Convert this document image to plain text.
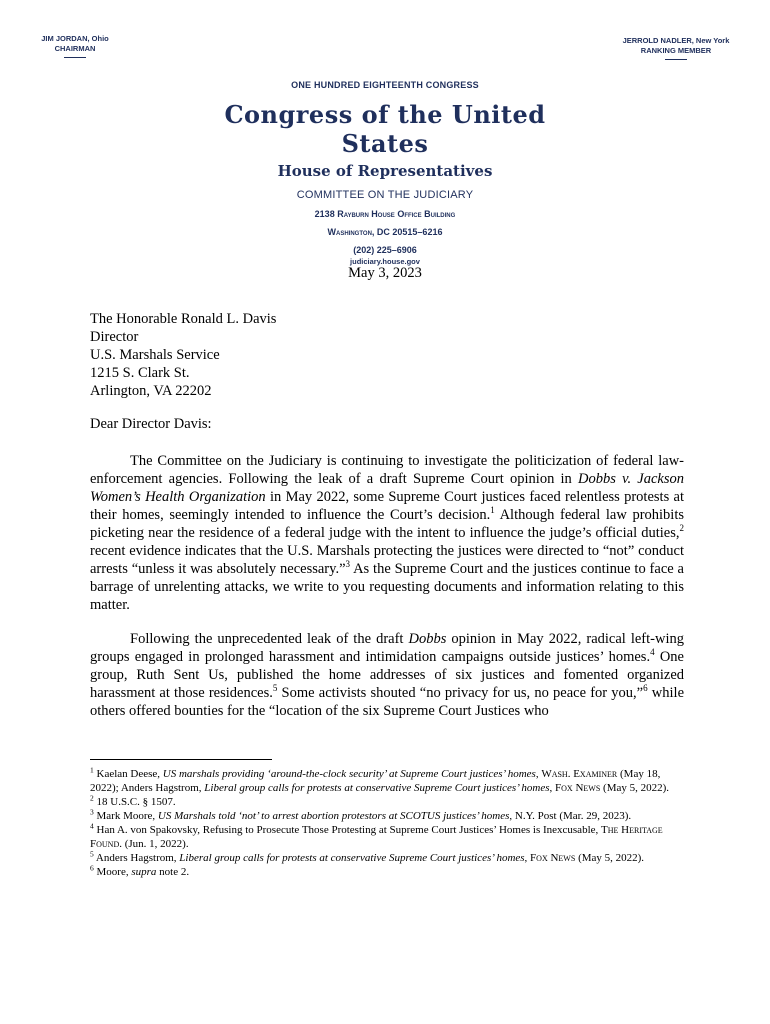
JIM JORDAN, Ohio
CHAIRMAN
JERROLD NADLER, New York
RANKING MEMBER
ONE HUNDRED EIGHTEENTH CONGRESS
Congress of the United States
House of Representatives
COMMITTEE ON THE JUDICIARY
2138 Rayburn House Office Building
Washington, DC 20515–6216
(202) 225–6906
judiciary.house.gov
May 3, 2023
The Honorable Ronald L. Davis
Director
U.S. Marshals Service
1215 S. Clark St.
Arlington, VA 22202
Dear Director Davis:
The Committee on the Judiciary is continuing to investigate the politicization of federal law-enforcement agencies. Following the leak of a draft Supreme Court opinion in Dobbs v. Jackson Women’s Health Organization in May 2022, some Supreme Court justices faced relentless protests at their homes, seemingly intended to influence the Court’s decision.$^1$ Although federal law prohibits picketing near the residence of a federal judge with the intent to influence the judge’s official duties,$^2$ recent evidence indicates that the U.S. Marshals protecting the justices were directed to “not” conduct arrests “unless it was absolutely necessary.”$^3$ As the Supreme Court and the justices continue to face a barrage of unrelenting attacks, we write to you requesting documents and information relating to this matter.
Following the unprecedented leak of the draft Dobbs opinion in May 2022, radical left-wing groups engaged in prolonged harassment and intimidation campaigns outside justices’ homes.$^4$ One group, Ruth Sent Us, published the home addresses of six justices and fomented organized harassment at those residences.$^5$ Some activists shouted “no privacy for us, no peace for you,”$^6$ while others offered bounties for the “location of the six Supreme Court Justices who
$^1$ Kaelan Deese, US marshals providing ‘around-the-clock security’ at Supreme Court justices’ homes, Wash. Examiner (May 18, 2022); Anders Hagstrom, Liberal group calls for protests at conservative Supreme Court justices’ homes, Fox News (May 5, 2022).
$^2$ 18 U.S.C. § 1507.
$^3$ Mark Moore, US Marshals told ‘not’ to arrest abortion protestors at SCOTUS justices’ homes, N.Y. Post (Mar. 29, 2023).
$^4$ Han A. von Spakovsky, Refusing to Prosecute Those Protesting at Supreme Court Justices’ Homes is Inexcusable, The Heritage Found. (Jun. 1, 2022).
$^5$ Anders Hagstrom, Liberal group calls for protests at conservative Supreme Court justices’ homes, Fox News (May 5, 2022).
$^6$ Moore, supra note 2.
